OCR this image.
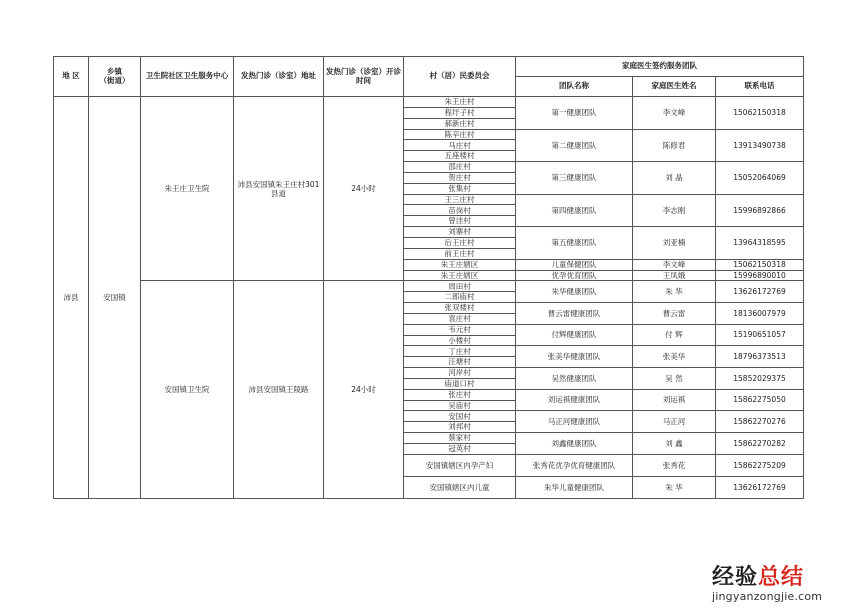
地 区	乡镇
（街道）	卫生院社区卫生服务中心	发热门诊（诊室）地址	发热门诊（诊室）开诊时间	村（居）民委员会	家庭医生签约服务团队		
						团队名称	家庭医生姓名	联系电话
沛县	安国镇	朱王庄卫生院	沛县安国镇朱王庄村301县道	24小时	朱王庄村	第一健康团队	李文峰	15062150318
					程圩子村			
					郝新庄村			
					陈辛庄村	第二健康团队	陈修君	13913490738
					马庄村			
					五座楼村			
					邵庄村	第三健康团队	刘 晶	15052064069
					贺庄村			
					张集村			
					王三庄村	第四健康团队	李志刚	15996892866
					苗岗村			
					曾洼村			
					刘寨村	第五健康团队	刘亚楠	13964318595
					后王庄村			
					前王庄村			
					朱王庄辖区	儿童保健团队	李文峰	15062150318
					朱王庄辖区	优孕优育团队	王凤娥	15996890010
		安国镇卫生院	沛县安国镇王陵路	24小时	周田村	朱华健康团队	朱 华	13626172769
					二郎庙村			
					张双楼村	曹云雷健康团队	曹云雷	18136007979
					袁庄村			
					韦元村	付辉健康团队	付 辉	15190651057
					小楼村			
					丁庄村	张美华健康团队	张美华	18796373513
					汪塘村			
					河岸村	吴然健康团队	吴 然	15852029375
					庙道口村			
					张庄村	刘运祺健康团队	刘运祺	15862275050
					吴庙村			
					安国村	马正河健康团队	马正河	15862270276
					刘邦村			
					蔡家村	刘鑫健康团队	刘 鑫	15862270282
					冠英村			
					安国镇辖区内孕产妇	张秀花优孕优育健康团队	张秀花	15862275209
					安国镇辖区内儿童	朱华儿童健康团队	朱 华	13626172769
经验总结
jingyanzongjie.com
